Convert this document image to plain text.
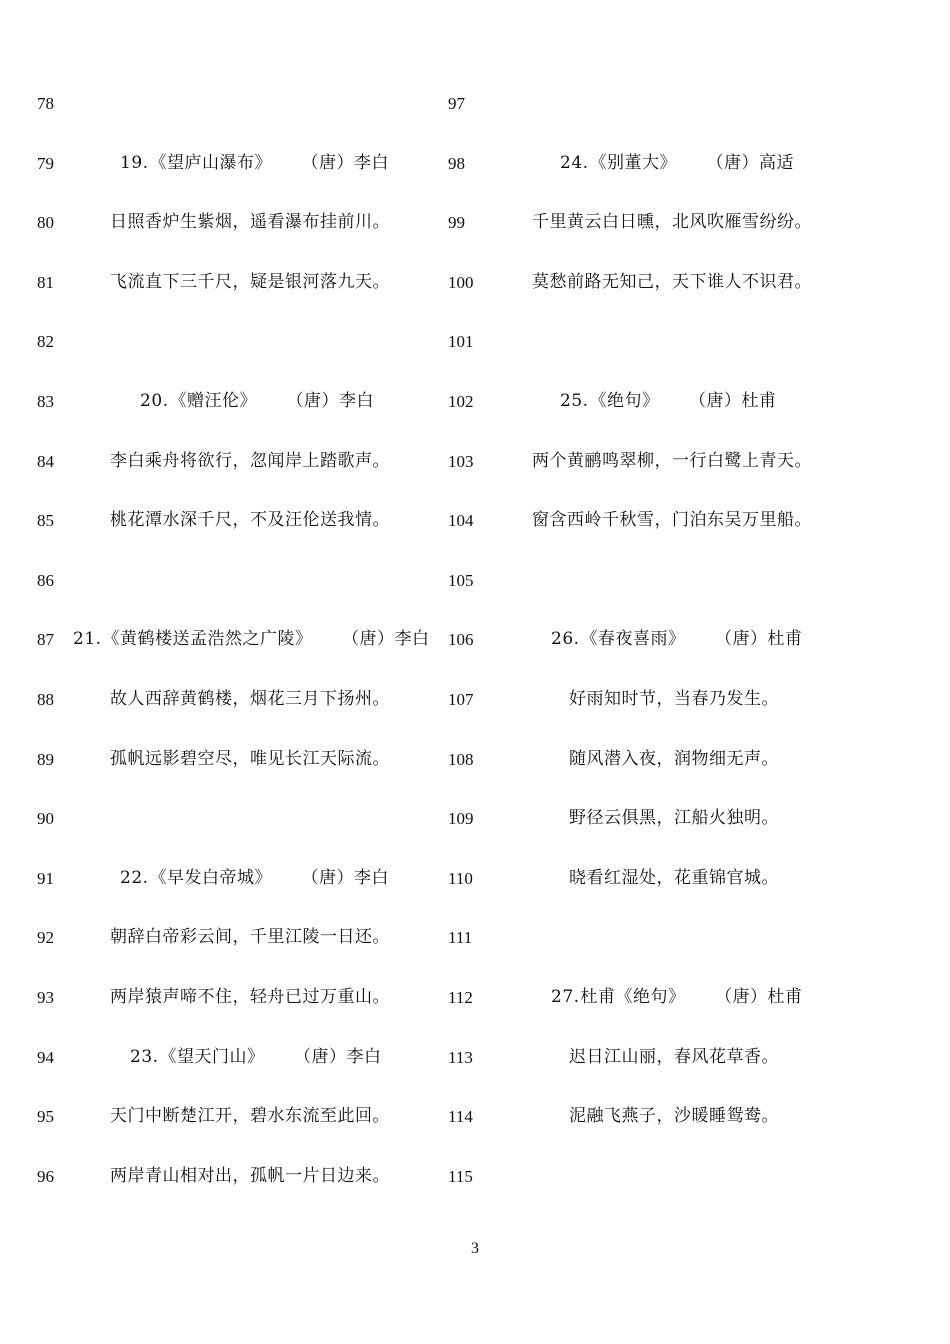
78
79	19.《望庐山瀑布》 （唐）李白
80	日照香炉生紫烟，遥看瀑布挂前川。
81	飞流直下三千尺，疑是银河落九天。
82
83	20.《赠汪伦》 （唐）李白
84	李白乘舟将欲行，忽闻岸上踏歌声。
85	桃花潭水深千尺，不及汪伦送我情。
86
87 21.《黄鹤楼送孟浩然之广陵》 （唐）李白
88	故人西辞黄鹤楼，烟花三月下扬州。
89	孤帆远影碧空尽，唯见长江天际流。
90
91	22.《早发白帝城》 （唐）李白
92	朝辞白帝彩云间，千里江陵一日还。
93	两岸猿声啼不住，轻舟已过万重山。
94	23.《望天门山》 （唐）李白
95	天门中断楚江开，碧水东流至此回。
96	两岸青山相对出，孤帆一片日边来。
97
98	24.《别董大》 （唐）高适
99	千里黄云白日曛，北风吹雁雪纷纷。
100	莫愁前路无知己，天下谁人不识君。
101
102	25.《绝句》 （唐）杜甫
103	两个黄鹂鸣翠柳，一行白鹭上青天。
104	窗含西岭千秋雪，门泊东吴万里船。
105
106	26.《春夜喜雨》 （唐）杜甫
107	好雨知时节，当春乃发生。
108	随风潜入夜，润物细无声。
109	野径云俱黑，江船火独明。
110	晓看红湿处，花重锦官城。
111
112	27.杜甫《绝句》 （唐）杜甫
113	迟日江山丽，春风花草香。
114	泥融飞燕子，沙暖睡鸳鸯。
115
3
